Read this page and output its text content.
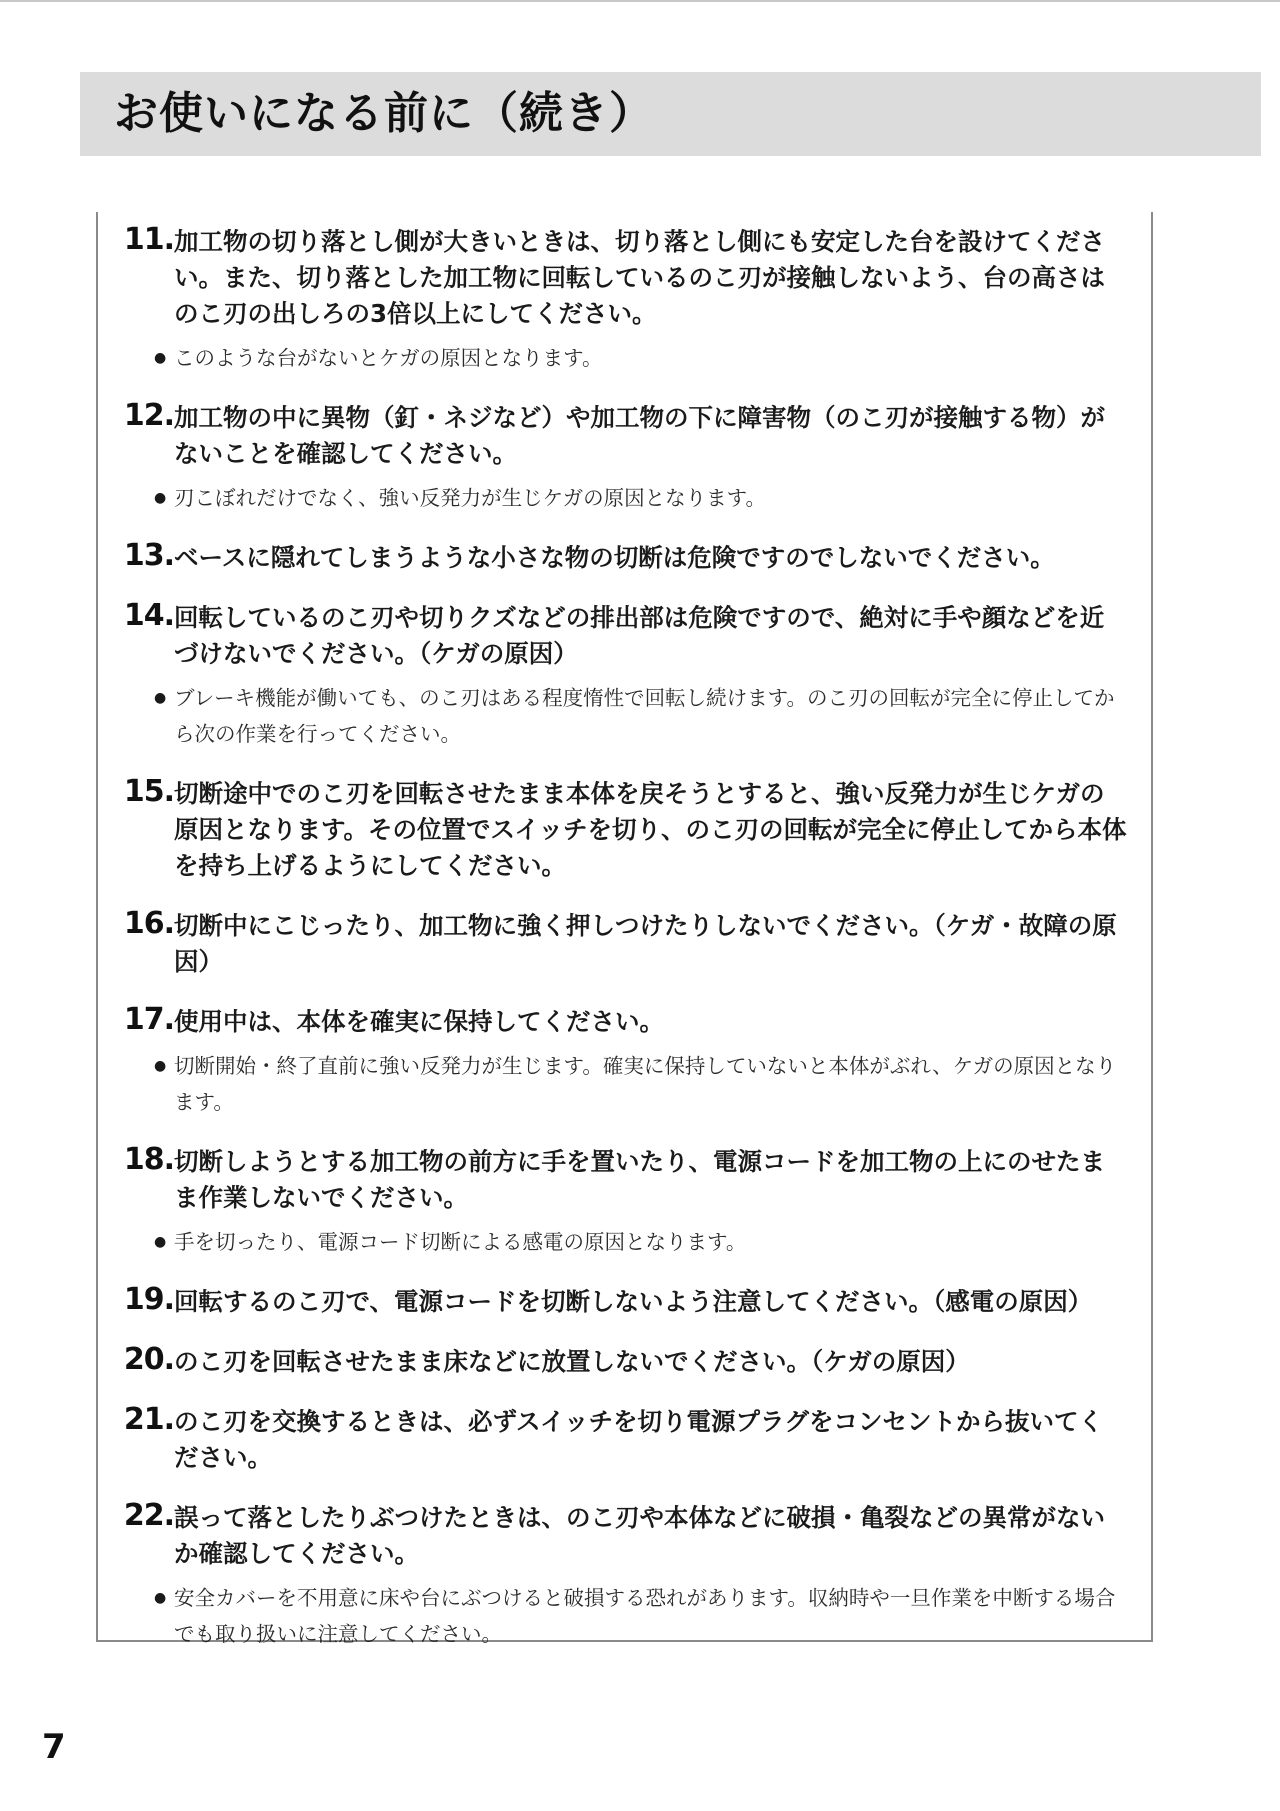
お使いになる前に（続き）
11. 加工物の切り落とし側が大きいときは、切り落とし側にも安定した台を設けてください。また、切り落とした加工物に回転しているのこ刃が接触しないよう、台の高さはのこ刃の出しろの3倍以上にしてください。
● このような台がないとケガの原因となります。
12. 加工物の中に異物（釘・ネジなど）や加工物の下に障害物（のこ刃が接触する物）がないことを確認してください。
● 刃こぼれだけでなく、強い反発力が生じケガの原因となります。
13. ベースに隠れてしまうような小さな物の切断は危険ですのでしないでください。
14. 回転しているのこ刃や切りクズなどの排出部は危険ですので、絶対に手や顔などを近づけないでください。（ケガの原因）
● ブレーキ機能が働いても、のこ刃はある程度惰性で回転し続けます。のこ刃の回転が完全に停止してから次の作業を行ってください。
15. 切断途中でのこ刃を回転させたまま本体を戻そうとすると、強い反発力が生じケガの原因となります。その位置でスイッチを切り、のこ刃の回転が完全に停止してから本体を持ち上げるようにしてください。
16. 切断中にこじったり、加工物に強く押しつけたりしないでください。（ケガ・故障の原因）
17. 使用中は、本体を確実に保持してください。
● 切断開始・終了直前に強い反発力が生じます。確実に保持していないと本体がぶれ、ケガの原因となります。
18. 切断しようとする加工物の前方に手を置いたり、電源コードを加工物の上にのせたまま作業しないでください。
● 手を切ったり、電源コード切断による感電の原因となります。
19. 回転するのこ刃で、電源コードを切断しないよう注意してください。（感電の原因）
20. のこ刃を回転させたまま床などに放置しないでください。（ケガの原因）
21. のこ刃を交換するときは、必ずスイッチを切り電源プラグをコンセントから抜いてください。
22. 誤って落としたりぶつけたときは、のこ刃や本体などに破損・亀裂などの異常がないか確認してください。
● 安全カバーを不用意に床や台にぶつけると破損する恐れがあります。収納時や一旦作業を中断する場合でも取り扱いに注意してください。
7
